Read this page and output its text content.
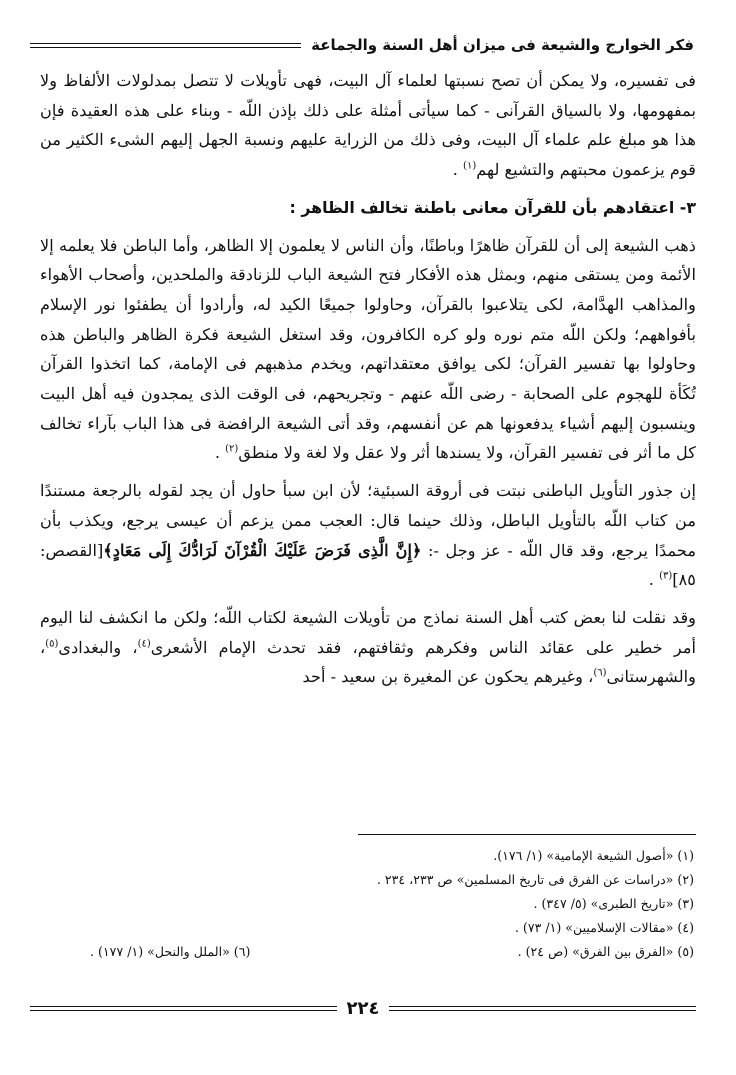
فكر الخوارج والشيعة فى ميزان أهل السنة والجماعة

فى تفسيره، ولا يمكن أن تصح نسبتها لعلماء آل البيت، فهى تأويلات لا تتصل بمدلولات الألفاظ ولا بمفهومها، ولا بالسياق القرآنى - كما سيأتى أمثلة على ذلك بإذن اللّه - وبناء على هذه العقيدة فإن هذا هو مبلغ علم علماء آل البيت، وفى ذلك من الزراية عليهم ونسبة الجهل إليهم الشىء الكثير من قوم يزعمون محبتهم والتشيع لهم$^{(١)}$ .

٣- اعتقادهم بأن للقرآن معانى باطنة تخالف الظاهر :

ذهب الشيعة إلى أن للقرآن ظاهرًا وباطنًا، وأن الناس لا يعلمون إلا الظاهر، وأما الباطن فلا يعلمه إلا الأئمة ومن يستقى منهم، وبمثل هذه الأفكار فتح الشيعة الباب للزنادقة والملحدين، وأصحاب الأهواء والمذاهب الهدَّامة، لكى يتلاعبوا بالقرآن، وحاولوا جميعًا الكيد له، وأرادوا أن يطفئوا نور الإسلام بأفواههم؛ ولكن اللّه متم نوره ولو كره الكافرون، وقد استغل الشيعة فكرة الظاهر والباطن هذه وحاولوا بها تفسير القرآن؛ لكى يوافق معتقداتهم، ويخدم مذهبهم فى الإمامة، كما اتخذوا القرآن تُكَأة للهجوم على الصحابة - رضى اللّه عنهم - وتجريحهم، فى الوقت الذى يمجدون فيه أهل البيت وينسبون إليهم أشياء يدفعونها هم عن أنفسهم، وقد أتى الشيعة الرافضة فى هذا الباب بآراء تخالف كل ما أثر فى تفسير القرآن، ولا يسندها أثر ولا عقل ولا لغة ولا منطق$^{(٢)}$ .

إن جذور التأويل الباطنى نبتت فى أروقة السبئية؛ لأن ابن سبأ حاول أن يجد لقوله بالرجعة مستندًا من كتاب اللّه بالتأويل الباطل، وذلك حينما قال: العجب ممن يزعم أن عيسى يرجع، ويكذب بأن محمدًا يرجع، وقد قال اللّه - عز وجل -: ﴿إِنَّ الَّذِى فَرَضَ عَلَيْكَ الْقُرْآنَ لَرَادُّكَ إِلَى مَعَادٍ﴾[القصص: ٨٥]$^{(٣)}$ .

وقد نقلت لنا بعض كتب أهل السنة نماذج من تأويلات الشيعة لكتاب اللّه؛ ولكن ما انكشف لنا اليوم أمر خطير على عقائد الناس وفكرهم وثقافتهم، فقد تحدث الإمام الأشعرى$^{(٤)}$، والبغدادى$^{(٥)}$، والشهرستانى$^{(٦)}$، وغيرهم يحكون عن المغيرة بن سعيد - أحد

(١) «أصول الشيعة الإمامية» (١/ ١٧٦).
(٢) «دراسات عن الفرق فى تاريخ المسلمين» ص ٢٣٣، ٢٣٤ .
(٣) «تاريخ الطبرى» (٥/ ٣٤٧) .
(٤) «مقالات الإسلاميين» (١/ ٧٣) .
(٥) «الفرق بين الفرق» (ص ٢٤) .
(٦) «الملل والنحل» (١/ ١٧٧) .
٢٢٤
